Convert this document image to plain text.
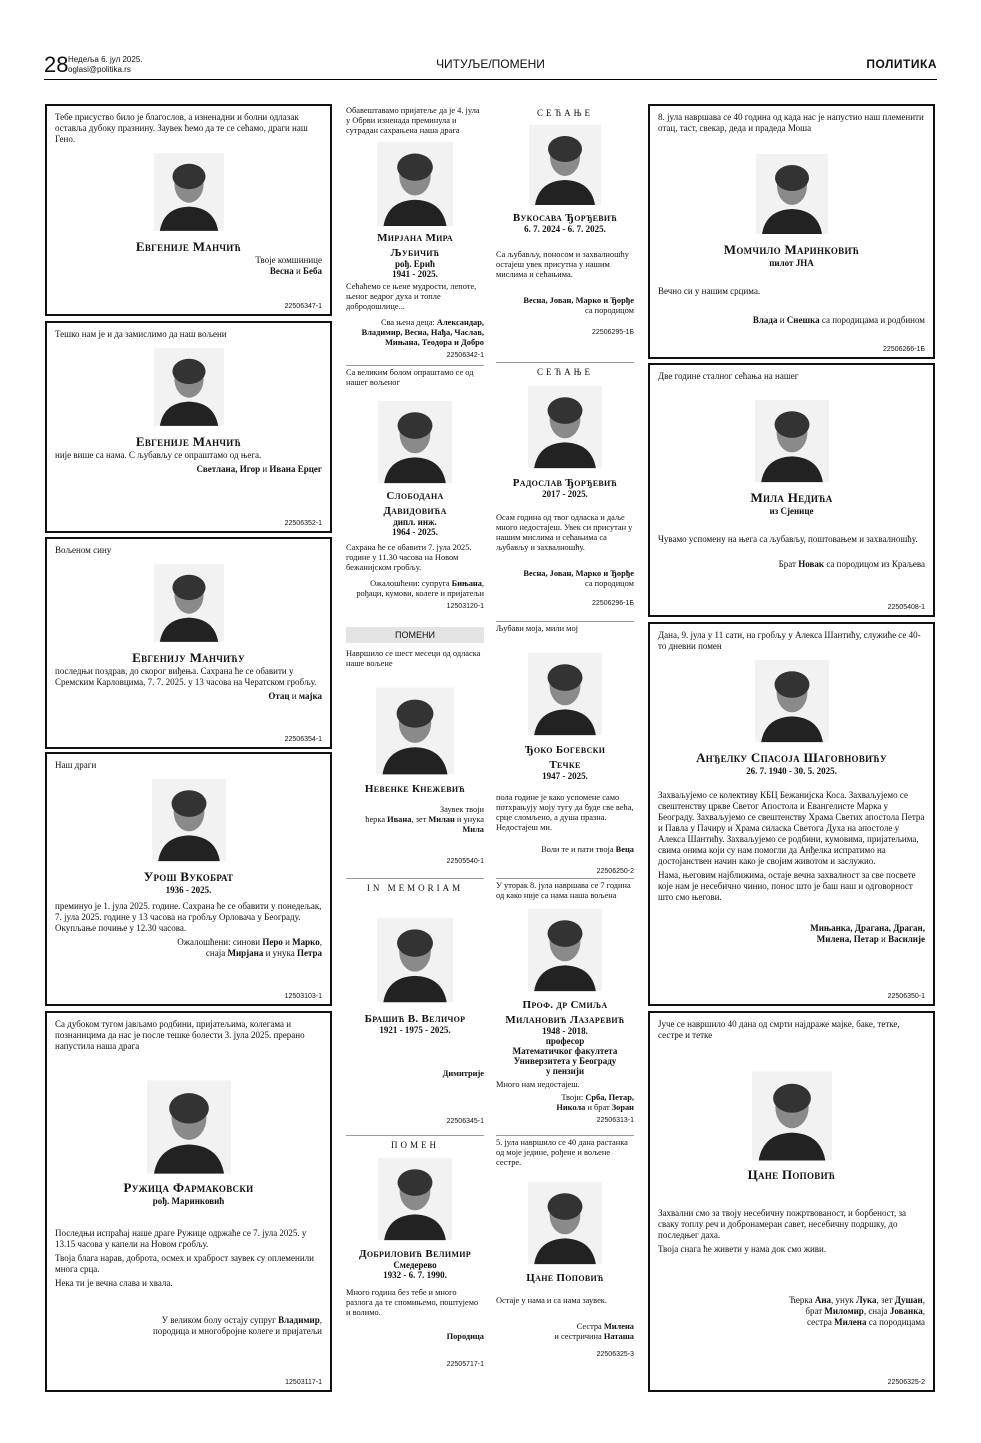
28 Недеља 6. јул 2025.
oglasi@politika.rs	ЧИТУЉЕ/ПОМЕНИ	ПОЛИТИКА

Тебе присуство било је благослов, а изненадни и болни одлазак оставља дубоку празнину. Заувек ћемо да те се сећамо, драги наш Гено.

Евгеније Манчић
Твоје комшинице
Весна и Беба
22506347-1

Тешко нам је и да замислимо да наш вољени

Евгеније Манчић

није више са нама. С љубављу се опраштамо од њега.

Светлана, Игор и Ивана Ерцег
22506352-1

Вољеном сину

Евгенију Манчићу

последњи поздрав, до скорог виђења. Сахрана ће се обавити у Сремским Карловцима, 7. 7. 2025. у 13 часова на Чератском гробљу.

Отац и мајка
22506354-1

Наш драги

Урош Вукобрат
1936 - 2025.

преминуо је 1. јула 2025. године. Сахрана ће се обавити у понедељак, 7. јула 2025. године у 13 часова на гробљу Орловача у Београду. Окупљање почиње у 12.30 часова.

Ожалошћени: синови Перо и Марко,
снаја Мирјана и унука Петра
12503103-1

Са дубоком тугом јављамо родбини, пријатељима, колегама и познаницима да нас је после тешке болести 3. јула 2025. прерано напустила наша драга

Ружица Фармаковски
рођ. Маринковић

Последњи испраћај наше драге Ружице одржаће се 7. јула 2025. у 13.15 часова у капели на Новом гробљу.

Твоја блага нарав, доброта, осмех и храброст заувек су оплеменили многа срца.

Нека ти је вечна слава и хвала.

У великом болу остају супруг Владимир,
породица и многобројне колеге и пријатељи
12503117-1

Обавештавамо пријатеље да је 4. јула у Обрви изненада преминула и сутрадан сахрањена наша драга

Мирјана Мира
Љубичић
рођ. Ерић
1941 - 2025.

Сећаћемо се њене мудрости, лепоте, њеног ведрог духа и топле добродошлице...

Сва њена деца: Александар, Владимир, Весна, Нађа, Часлав, Мињана, Теодора и Добро
22506342-1

Са великим болом опраштамо се од нашег вољеног

Слободана
Давидовића
дипл. инж.
1964 - 2025.

Сахрана ће се обавити 7. јула 2025. године у 11.30 часова на Новом бежанијском гробљу.

Ожалошћени: супруга Бињана, рођаци, кумови, колеге и пријатељи
12503120-1
ПОМЕНИ

Навршило се шест месеци од одласка наше вољене

Невенке Кнежевић
Заувек твоји
ћерка Ивана, зет Милан и унука
Мила
22505540-1
IN MEMORIAM
Брашић В. Величор
1921 - 1975 - 2025.
Димитрије
22506345-1
ПОМЕН
Добриловић Велимир
Смедерево
1932 - 6. 7. 1990.

Много година без тебе и много разлога да те спомињемо, поштујемо и волимо.

Породица
22505717-1
СЕЋАЊЕ
Вукосава Ђорђевић
6. 7. 2024 - 6. 7. 2025.

Са љубављу, поносом и захвалношћу остајеш увек присутна у нашим мислима и сећањима.

Весна, Јован, Марко и Ђорђе
са породицом
22506295-1Б
СЕЋАЊЕ
Радослав Ђорђевић
2017 - 2025.

Осам година од твог одласка и даље много недостајеш. Увек си присутан у нашим мислима и сећањима са љубављу и захвалношћу.

Весна, Јован, Марко и Ђорђе
са породицом
22506296-1Б

Љубави моја, мили мој

Ђоко Богевски
Течке
1947 - 2025.

пола године је како успомене само потхрањују моју тугу да буде све већа, срце сломљено, а душа празна. Недостајеш ми.

Воли те и пати твоја Веца
22506250-2

У уторак 8. јула навршава се 7 година од како није са нама наша вољена

Проф. др Смиља
Милановић Лазаревић
1948 - 2018.
професор
Математичког факултета
Универзитета у Београду
у пензији

Много нам недостајеш.

Твоји: Срба, Петар,
Никола и брат Зоран
22506313-1

5. јула навршило се 40 дана растанка од моје једине, рођене и вољене сестре.

Цане Поповић

Остаје у нама и са нама заувек.

Сестра Милена
и сестричина Наташа
22506325-3

8. јула навршава се 40 година од када нас је напустио наш племенити отац, таст, свекар, деда и прадеда Моша

Момчило Маринковић
пилот ЈНА

Вечно си у нашим срцима.

Влада и Снешка са породицама и родбином
22506266-1Б

Две године сталног сећања на нашег

Мила Недића
из Сјенице

Чувамо успомену на њега са љубављу, поштовањем и захвалношћу.

Брат Новак са породицом из Краљева
22505408-1

Данa, 9. јула у 11 сати, на гробљу у Алекса Шантићу, служиће се 40-то дневни помен

Анђелку Спасоја Шаговновићу
26. 7. 1940 - 30. 5. 2025.

Захваљујемо се колективу КБЦ Бежанијска Коса. Захваљујемо се свештенству цркве Светог Апостола и Евангелисте Марка у Београду. Захваљујемо се свештенству Храма Светих апостола Петра и Павла у Пачиру и Храма силаска Светога Духа на апостоле у Алекса Шантићу. Захваљујемо се родбини, кумовима, пријатељима, свима онима који су нам помогли да Анђелка испратимо на достојанствен начин како је својим животом и заслужио.

Нама, његовим најближима, остаје вечна захвалност за све посвете које нам је несебично чинио, понос што је баш наш и одговорност што смо његови.

Мињанка, Драгана, Драган,
Милена, Петар и Василије
22506350-1

Јуче се навршило 40 дана од смрти најдраже мајке, баке, тетке, сестре и тетке

Цане Поповић

Захвални смо за твоју несебичну пожртвованост, и борбеност, за сваку топлу реч и добронамеран савет, несебичну подршку, до последњег даха.

Твоја снага ће живети у нама док смо живи.

Ћерка Ана, унук Лука, зет Душан,
брат Миломир, снаја Јованка,
сестра Милена са породицама
22506325-2
